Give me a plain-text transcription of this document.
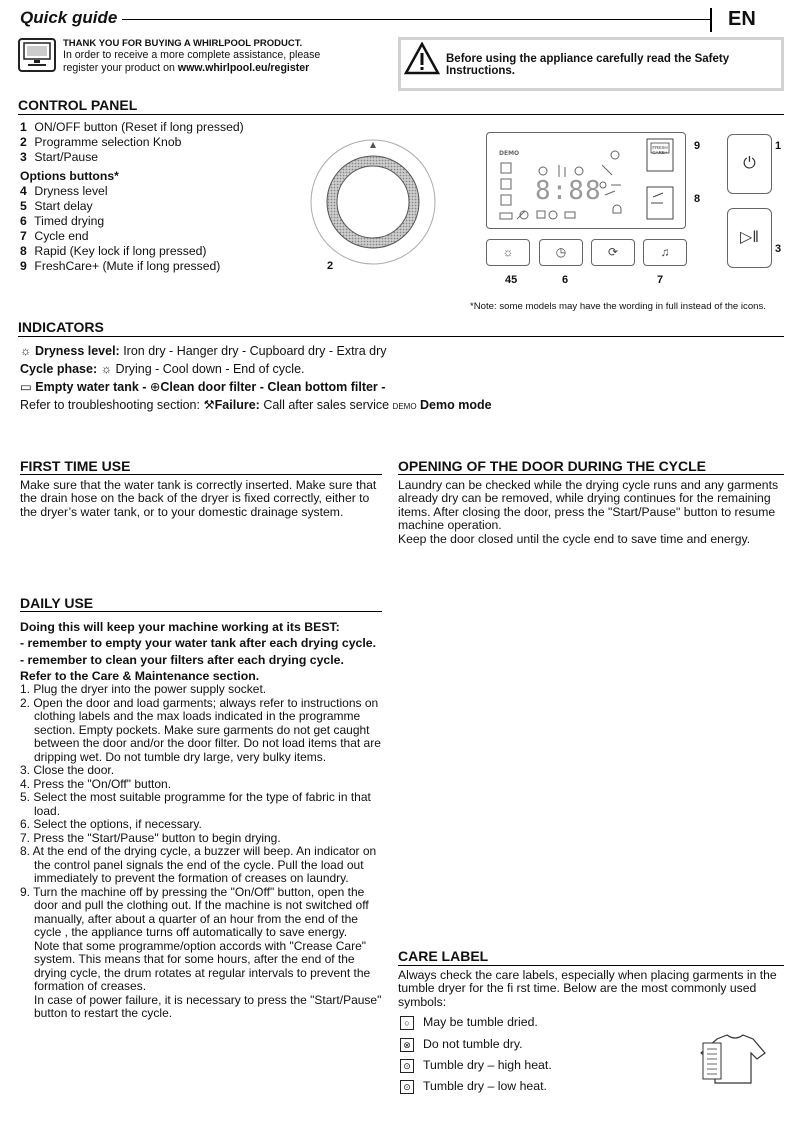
Quick guide	EN
THANK YOU FOR BUYING A WHIRLPOOL PRODUCT.
In order to receive a more complete assistance, please
register your product on www.whirlpool.eu/register
Before using the appliance carefully read the Safety Instructions.
CONTROL PANEL
1 ON/OFF button (Reset if long pressed)
2 Programme selection Knob
3 Start/Pause
Options buttons*
4 Dryness level
5 Start delay
6 Timed drying
7 Cycle end
8 Rapid (Key lock if long pressed)
9 FreshCare+ (Mute if long pressed)	2
DEMO
8:88
FRESH CARE+
9
8
☼	◷	⟳	♫
45	6	7
⏻
▷‖
1
3
*Note: some models may have the wording in full instead of the icons.
INDICATORS
☼ Dryness level: Iron dry - Hanger dry - Cupboard dry - Extra dry
Cycle phase: ☼ Drying - Cool down - End of cycle.
▭ Empty water tank - ⊕Clean door filter - Clean bottom filter -
Refer to troubleshooting section: ⚒Failure: Call after sales service DEMO Demo mode
FIRST TIME USE
Make sure that the water tank is correctly inserted. Make sure that the drain hose on the back of the dryer is fixed correctly, either to the dryer’s water tank, or to your domestic drainage system.
OPENING OF THE DOOR DURING THE CYCLE
Laundry can be checked while the drying cycle runs and any garments already dry can be removed, while drying continues for the remaining items. After closing the door, press the "Start/Pause" button to resume machine operation.
Keep the door closed until the cycle end to save time and energy.
DAILY USE
Doing this will keep your machine working at its BEST:
- remember to empty your water tank after each drying cycle.
- remember to clean your filters after each drying cycle.
Refer to the Care & Maintenance section.
1. Plug the dryer into the power supply socket.
2. Open the door and load garments; always refer to instructions on clothing labels and the max loads indicated in the programme section. Empty pockets. Make sure garments do not get caught between the door and/or the door filter. Do not load items that are dripping wet. Do not tumble dry large, very bulky items.
3. Close the door.
4. Press the "On/Off" button.
5. Select the most suitable programme for the type of fabric in that load.
6. Select the options, if necessary.
7. Press the "Start/Pause" button to begin drying.
8. At the end of the drying cycle, a buzzer will beep. An indicator on the control panel signals the end of the cycle. Pull the load out immediately to prevent the formation of creases on laundry.
9. Turn the machine off by pressing the "On/Off" button, open the door and pull the clothing out. If the machine is not switched off manually, after about a quarter of an hour from the end of the cycle , the appliance turns off automatically to save energy.
Note that some programme/option accords with "Crease Care" system. This means that for some hours, after the end of the drying cycle, the drum rotates at regular intervals to prevent the formation of creases.
In case of power failure, it is necessary to press the "Start/Pause" button to restart the cycle.
CARE LABEL
Always check the care labels, especially when placing garments in the tumble dryer for the fi rst time. Below are the most commonly used symbols:
○	May be tumble dried.
⊗ Do not tumble dry.
⊙ Tumble dry – high heat.
⊙ Tumble dry – low heat.
